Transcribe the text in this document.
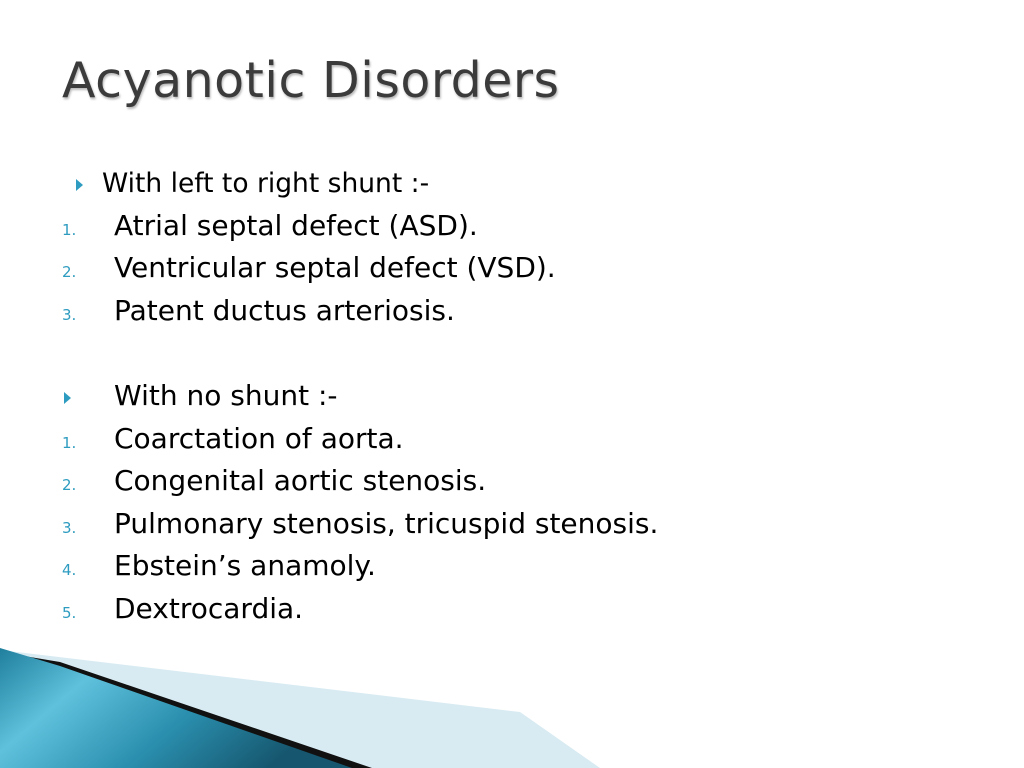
Acyanotic Disorders
With left to right shunt :-
1. Atrial septal defect (ASD).
2. Ventricular septal defect (VSD).
3. Patent ductus arteriosis.
With no shunt :-
1. Coarctation of aorta.
2. Congenital aortic stenosis.
3. Pulmonary stenosis, tricuspid stenosis.
4. Ebstein’s anamoly.
5. Dextrocardia.
